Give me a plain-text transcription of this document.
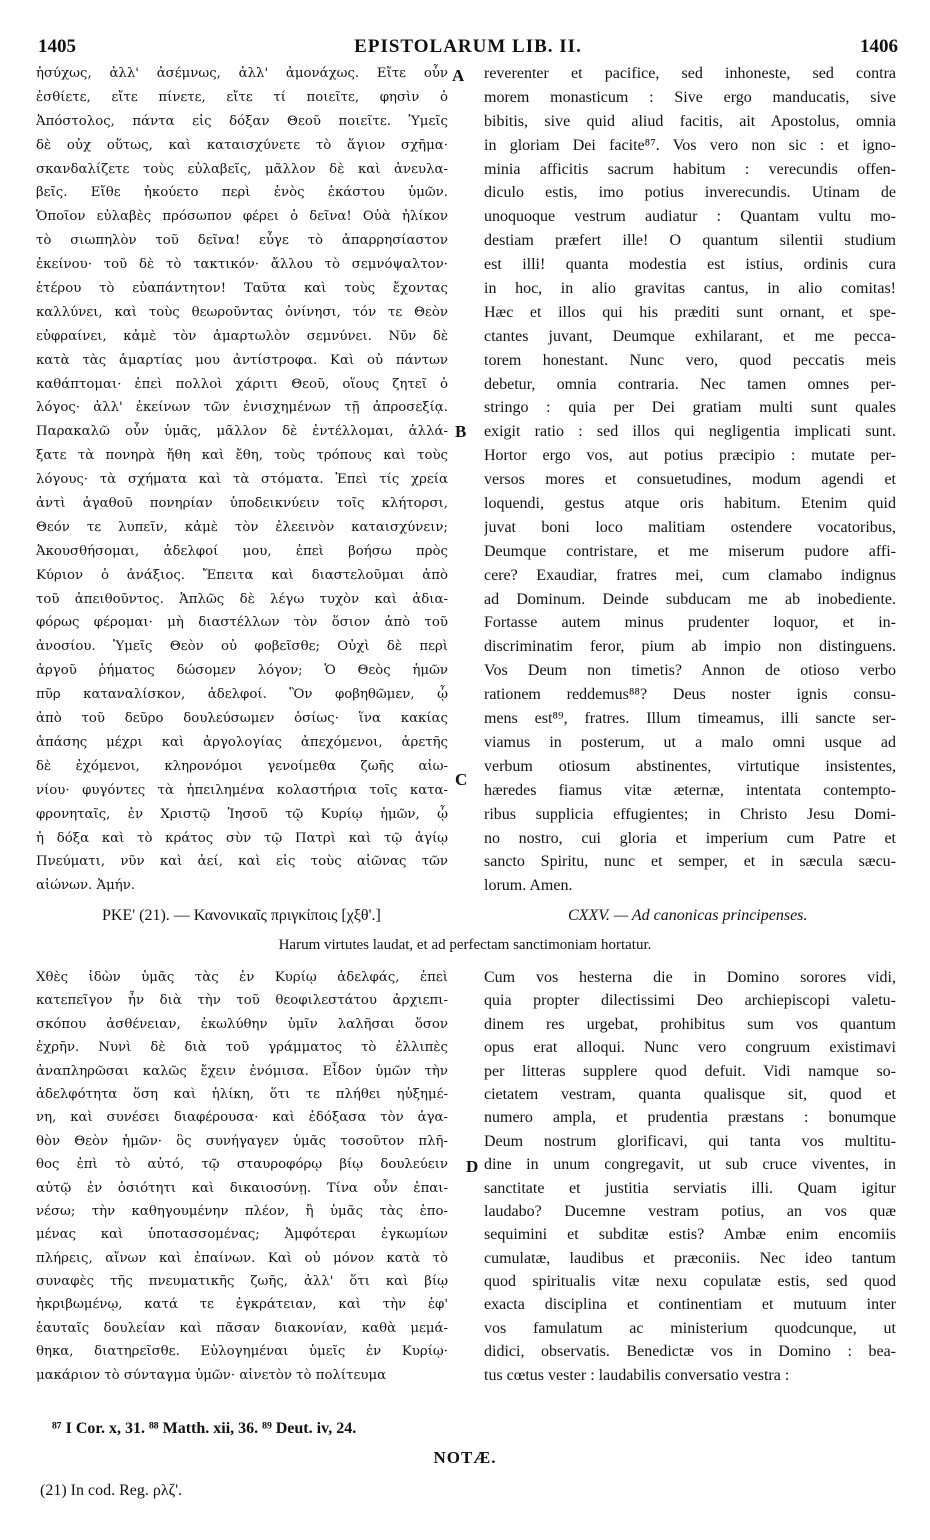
1405	EPISTOLARUM LIB. II.	1406
ἡσύχως, ἀλλ' ἀσέμνως, ἀλλ' ἀμονάχως. Εἴτε οὖν
ἐσθίετε, εἴτε πίνετε, εἴτε τί ποιεῖτε, φησὶν ὁ
Ἀπόστολος, πάντα εἰς δόξαν Θεοῦ ποιεῖτε. Ὑμεῖς
δὲ οὐχ οὕτως, καὶ καταισχύνετε τὸ ἅγιον σχῆμα·
σκανδαλίζετε τοὺς εὐλαβεῖς, μᾶλλον δὲ καὶ ἀνευλα-
βεῖς. Εἴθε ἠκούετο περὶ ἑνὸς ἑκάστου ὑμῶν.
Ὁποῖον εὐλαβὲς πρόσωπον φέρει ὁ δεῖνα! Οὐὰ ἠλίκον
τὸ σιωπηλὸν τοῦ δεῖνα! εὖγε τὸ ἀπαρρησίαστον
ἐκείνου· τοῦ δὲ τὸ τακτικόν· ἄλλου τὸ σεμνόψαλτον·
ἑτέρου τὸ εὐαπάντητον! Ταῦτα καὶ τοὺς ἔχοντας
καλλύνει, καὶ τοὺς θεωροῦντας ὀνίνησι, τόν τε Θεὸν
εὐφραίνει, κἀμὲ τὸν ἁμαρτωλὸν σεμνύνει. Νῦν δὲ
κατὰ τὰς ἁμαρτίας μου ἀντίστροφα. Καὶ οὐ πάντων
καθάπτομαι· ἐπεὶ πολλοὶ χάριτι Θεοῦ, οἵους ζητεῖ ὁ
λόγος· ἀλλ' ἐκείνων τῶν ἐνισχημένων τῇ ἀπροσεξίᾳ.
Παρακαλῶ οὖν ὑμᾶς, μᾶλλον δὲ ἐντέλλομαι, ἀλλά-
ξατε τὰ πονηρὰ ἤθη καὶ ἔθη, τοὺς τρόπους καὶ τοὺς
λόγους· τὰ σχήματα καὶ τὰ στόματα. Ἐπεὶ τίς χρεία
ἀντὶ ἀγαθοῦ πονηρίαν ὑποδεικνύειν τοῖς κλήτορσι,
Θεόν τε λυπεῖν, κἀμὲ τὸν ἐλεεινὸν καταισχύνειν;
Ἀκουσθήσομαι, ἀδελφοί μου, ἐπεὶ βοήσω πρὸς
Κύριον ὁ ἀνάξιος. Ἔπειτα καὶ διαστελοῦμαι ἀπὸ
τοῦ ἀπειθοῦντος. Ἁπλῶς δὲ λέγω τυχὸν καὶ ἀδια-
φόρως φέρομαι· μὴ διαστέλλων τὸν ὅσιον ἀπὸ τοῦ
ἀνοσίου. Ὑμεῖς Θεὸν οὐ φοβεῖσθε; Οὐχὶ δὲ περὶ
ἀργοῦ ῥήματος δώσομεν λόγον; Ὁ Θεὸς ἡμῶν
πῦρ καταναλίσκον, ἀδελφοί. Ὃν φοβηθῶμεν, ᾧ
ἀπὸ τοῦ δεῦρο δουλεύσωμεν ὁσίως· ἵνα κακίας
ἁπάσης μέχρι καὶ ἀργολογίας ἀπεχόμενοι, ἀρετῆς
δὲ ἐχόμενοι, κληρονόμοι γενοίμεθα ζωῆς αἰω-
νίου· φυγόντες τὰ ἠπειλημένα κολαστήρια τοῖς κατα-
φρονηταῖς, ἐν Χριστῷ Ἰησοῦ τῷ Κυρίῳ ἡμῶν, ᾧ
ἡ δόξα καὶ τὸ κράτος σὺν τῷ Πατρὶ καὶ τῷ ἁγίῳ
Πνεύματι, νῦν καὶ ἀεί, καὶ εἰς τοὺς αἰῶνας τῶν
αἰώνων. Ἀμήν.
reverenter et pacifice, sed inhoneste, sed contra
morem monasticum : Sive ergo manducatis, sive
bibitis, sive quid aliud facitis, ait Apostolus, omnia
in gloriam Dei facite⁸⁷. Vos vero non sic : et igno-
minia afficitis sacrum habitum : verecundis offen-
diculo estis, imo potius inverecundis. Utinam de
unoquoque vestrum audiatur : Quantam vultu mo-
destiam præfert ille! O quantum silentii studium
est illi! quanta modestia est istius, ordinis cura
in hoc, in alio gravitas cantus, in alio comitas!
Hæc et illos qui his præditi sunt ornant, et spe-
ctantes juvant, Deumque exhilarant, et me pecca-
torem honestant. Nunc vero, quod peccatis meis
debetur, omnia contraria. Nec tamen omnes per-
stringo : quia per Dei gratiam multi sunt quales
exigit ratio : sed illos qui negligentia implicati sunt.
Hortor ergo vos, aut potius præcipio : mutate per-
versos mores et consuetudines, modum agendi et
loquendi, gestus atque oris habitum. Etenim quid
juvat boni loco malitiam ostendere vocatoribus,
Deumque contristare, et me miserum pudore affi-
cere? Exaudiar, fratres mei, cum clamabo indignus
ad Dominum. Deinde subducam me ab inobediente.
Fortasse autem minus prudenter loquor, et in-
discriminatim feror, pium ab impio non distinguens.
Vos Deum non timetis? Annon de otioso verbo
rationem reddemus⁸⁸? Deus noster ignis consu-
mens est⁸⁹, fratres. Illum timeamus, illi sancte ser-
viamus in posterum, ut a malo omni usque ad
verbum otiosum abstinentes, virtutique insistentes,
hæredes fiamus vitæ æternæ, intentata contempto-
ribus supplicia effugientes; in Christo Jesu Domi-
no nostro, cui gloria et imperium cum Patre et
sancto Spiritu, nunc et semper, et in sæcula sæcu-
lorum. Amen.
A
B
C
D
ΡΚΕ' (21). — Κανονικαῖς πριγκίποις [χξθ'.]	CXXV. — Ad canonicas principenses.
Harum virtutes laudat, et ad perfectam sanctimoniam hortatur.
Χθὲς ἰδὼν ὑμᾶς τὰς ἐν Κυρίῳ ἀδελφάς, ἐπεὶ
κατεπεῖγον ἦν διὰ τὴν τοῦ θεοφιλεστάτου ἀρχιεπι-
σκόπου ἀσθένειαν, ἐκωλύθην ὑμῖν λαλῆσαι ὅσον
ἐχρῆν. Νυνὶ δὲ διὰ τοῦ γράμματος τὸ ἐλλιπὲς
ἀναπληρῶσαι καλῶς ἔχειν ἐνόμισα. Εἶδον ὑμῶν τὴν
ἀδελφότητα ὅση καὶ ἡλίκη, ὅτι τε πλήθει ηὐξημέ-
νη, καὶ συνέσει διαφέρουσα· καὶ ἐδόξασα τὸν ἀγα-
θὸν Θεὸν ἡμῶν· ὃς συνήγαγεν ὑμᾶς τοσοῦτον πλῆ-
θος ἐπὶ τὸ αὐτό, τῷ σταυροφόρῳ βίῳ δουλεύειν
αὐτῷ ἐν ὁσιότητι καὶ δικαιοσύνῃ. Τίνα οὖν ἐπαι-
νέσω; τὴν καθηγουμένην πλέον, ἢ ὑμᾶς τὰς ἑπο-
μένας καὶ ὑποτασσομένας; Ἀμφότεραι ἐγκωμίων
πλήρεις, αἴνων καὶ ἐπαίνων. Καὶ οὐ μόνον κατὰ τὸ
συναφὲς τῆς πνευματικῆς ζωῆς, ἀλλ' ὅτι καὶ βίῳ
ἠκριβωμένῳ, κατά τε ἐγκράτειαν, καὶ τὴν ἐφ'
ἑαυταῖς δουλείαν καὶ πᾶσαν διακονίαν, καθὰ μεμά-
θηκα, διατηρεῖσθε. Εὐλογημέναι ὑμεῖς ἐν Κυρίῳ·
μακάριον τὸ σύνταγμα ὑμῶν· αἰνετὸν τὸ πολίτευμα
Cum vos hesterna die in Domino sorores vidi,
quia propter dilectissimi Deo archiepiscopi valetu-
dinem res urgebat, prohibitus sum vos quantum
opus erat alloqui. Nunc vero congruum existimavi
per litteras supplere quod defuit. Vidi namque so-
cietatem vestram, quanta qualisque sit, quod et
numero ampla, et prudentia præstans : bonumque
Deum nostrum glorificavi, qui tanta vos multitu-
dine in unum congregavit, ut sub cruce viventes, in
sanctitate et justitia serviatis illi. Quam igitur
laudabo? Ducemne vestram potius, an vos quæ
sequimini et subditæ estis? Ambæ enim encomiis
cumulatæ, laudibus et præconiis. Nec ideo tantum
quod spiritualis vitæ nexu copulatæ estis, sed quod
exacta disciplina et continentiam et mutuum inter
vos famulatum ac ministerium quodcunque, ut
didici, observatis. Benedictæ vos in Domino : bea-
tus cœtus vester : laudabilis conversatio vestra :
⁸⁷ I Cor. x, 31. ⁸⁸ Matth. xii, 36. ⁸⁹ Deut. iv, 24.
NOTÆ.
(21) In cod. Reg. ρλζ'.
